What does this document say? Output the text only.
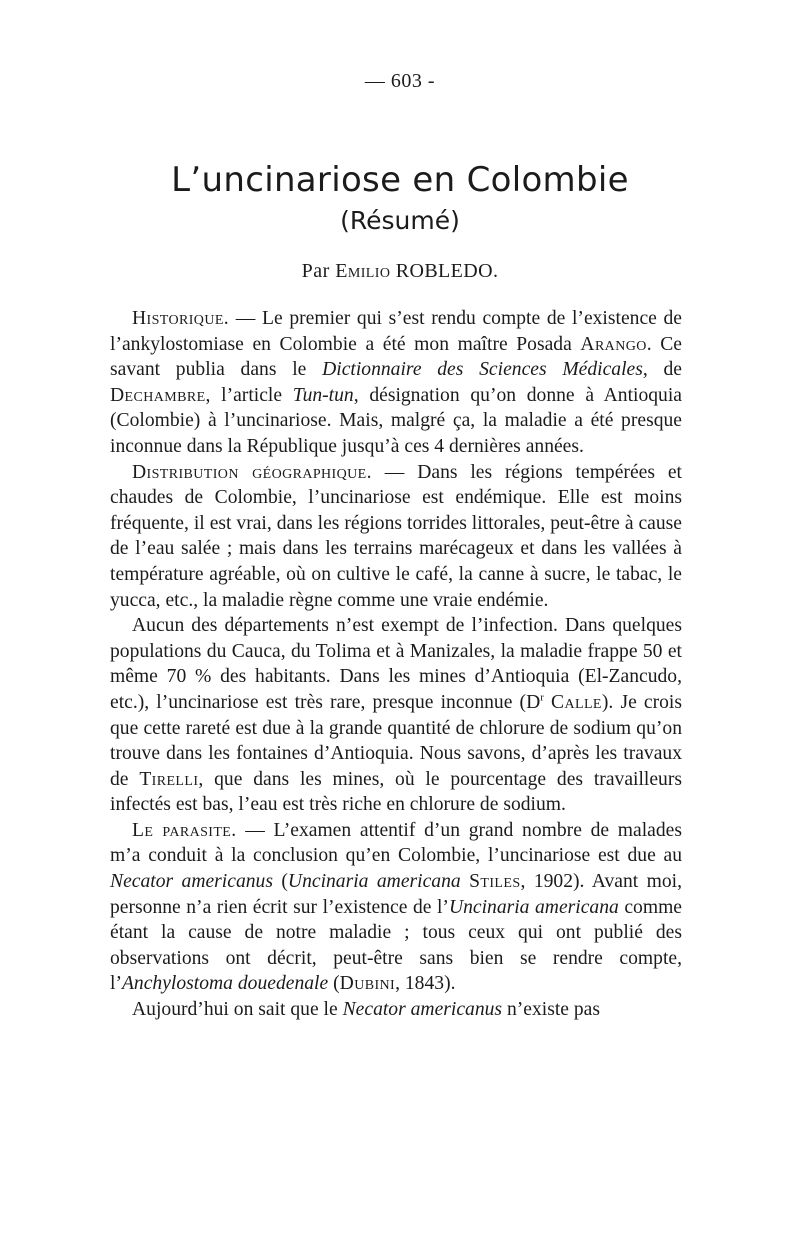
— 603 -
L’uncinariose en Colombie
(Résumé)
Par Emilio ROBLEDO.

Historique. — Le premier qui s’est rendu compte de l’existence de l’ankylostomiase en Colombie a été mon maître Posada Arango. Ce savant publia dans le Dictionnaire des Sciences Médicales, de Dechambre, l’article Tun-tun, désignation qu’on donne à Antioquia (Colombie) à l’uncinariose. Mais, malgré ça, la maladie a été presque inconnue dans la République jusqu’à ces 4 dernières années.

Distribution géographique. — Dans les régions tempérées et chaudes de Colombie, l’uncinariose est endémique. Elle est moins fréquente, il est vrai, dans les régions torrides littorales, peut-être à cause de l’eau salée ; mais dans les terrains marécageux et dans les vallées à température agréable, où on cultive le café, la canne à sucre, le tabac, le yucca, etc., la maladie règne comme une vraie endémie.

Aucun des départements n’est exempt de l’infection. Dans quelques populations du Cauca, du Tolima et à Manizales, la maladie frappe 50 et même 70 % des habitants. Dans les mines d’Antioquia (El-Zancudo, etc.), l’uncinariose est très rare, presque inconnue ($D^r$ Calle). Je crois que cette rareté est due à la grande quantité de chlorure de sodium qu’on trouve dans les fontaines d’Antioquia. Nous savons, d’après les travaux de Tirelli, que dans les mines, où le pourcentage des travailleurs infectés est bas, l’eau est très riche en chlorure de sodium.

Le parasite. — L’examen attentif d’un grand nombre de malades m’a conduit à la conclusion qu’en Colombie, l’uncinariose est due au Necator americanus (Uncinaria americana Stiles, 1902). Avant moi, personne n’a rien écrit sur l’existence de l’Uncinaria americana comme étant la cause de notre maladie ; tous ceux qui ont publié des observations ont décrit, peut-être sans bien se rendre compte, l’Anchylostoma douedenale (Dubini, 1843).

Aujourd’hui on sait que le Necator americanus n’existe pas
